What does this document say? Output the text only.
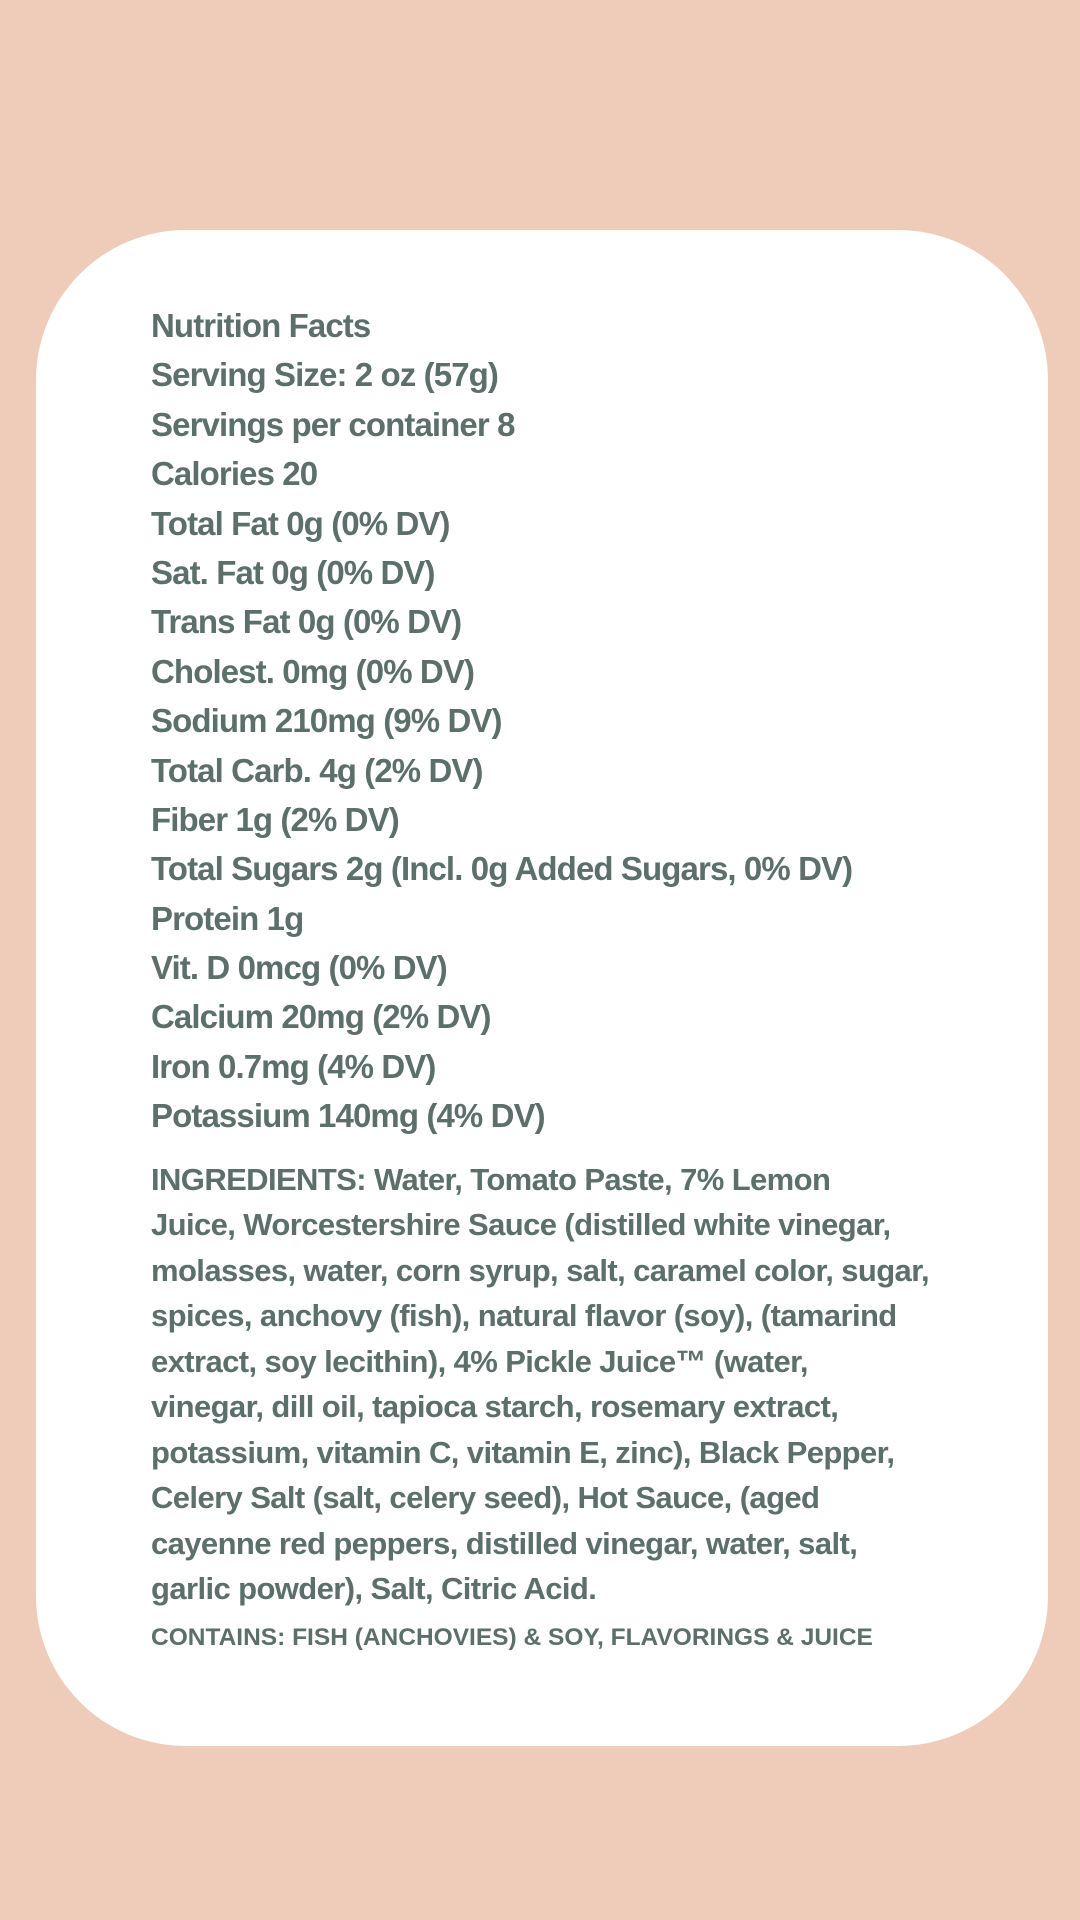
Nutrition Facts
Serving Size: 2 oz (57g)
Servings per container 8
Calories 20
Total Fat 0g (0% DV)
Sat. Fat 0g (0% DV)
Trans Fat 0g (0% DV)
Cholest. 0mg (0% DV)
Sodium 210mg (9% DV)
Total Carb. 4g (2% DV)
Fiber 1g (2% DV)
Total Sugars 2g (Incl. 0g Added Sugars, 0% DV)
Protein 1g
Vit. D 0mcg (0% DV)
Calcium 20mg (2% DV)
Iron 0.7mg (4% DV)
Potassium 140mg (4% DV)
INGREDIENTS: Water, Tomato Paste, 7% Lemon
Juice, Worcestershire Sauce (distilled white vinegar,
molasses, water, corn syrup, salt, caramel color, sugar,
spices, anchovy (fish), natural flavor (soy), (tamarind
extract, soy lecithin), 4% Pickle Juice™ (water,
vinegar, dill oil, tapioca starch, rosemary extract,
potassium, vitamin C, vitamin E, zinc), Black Pepper,
Celery Salt (salt, celery seed), Hot Sauce, (aged
cayenne red peppers, distilled vinegar, water, salt,
garlic powder), Salt, Citric Acid.
CONTAINS: FISH (ANCHOVIES) & SOY, FLAVORINGS & JUICE
